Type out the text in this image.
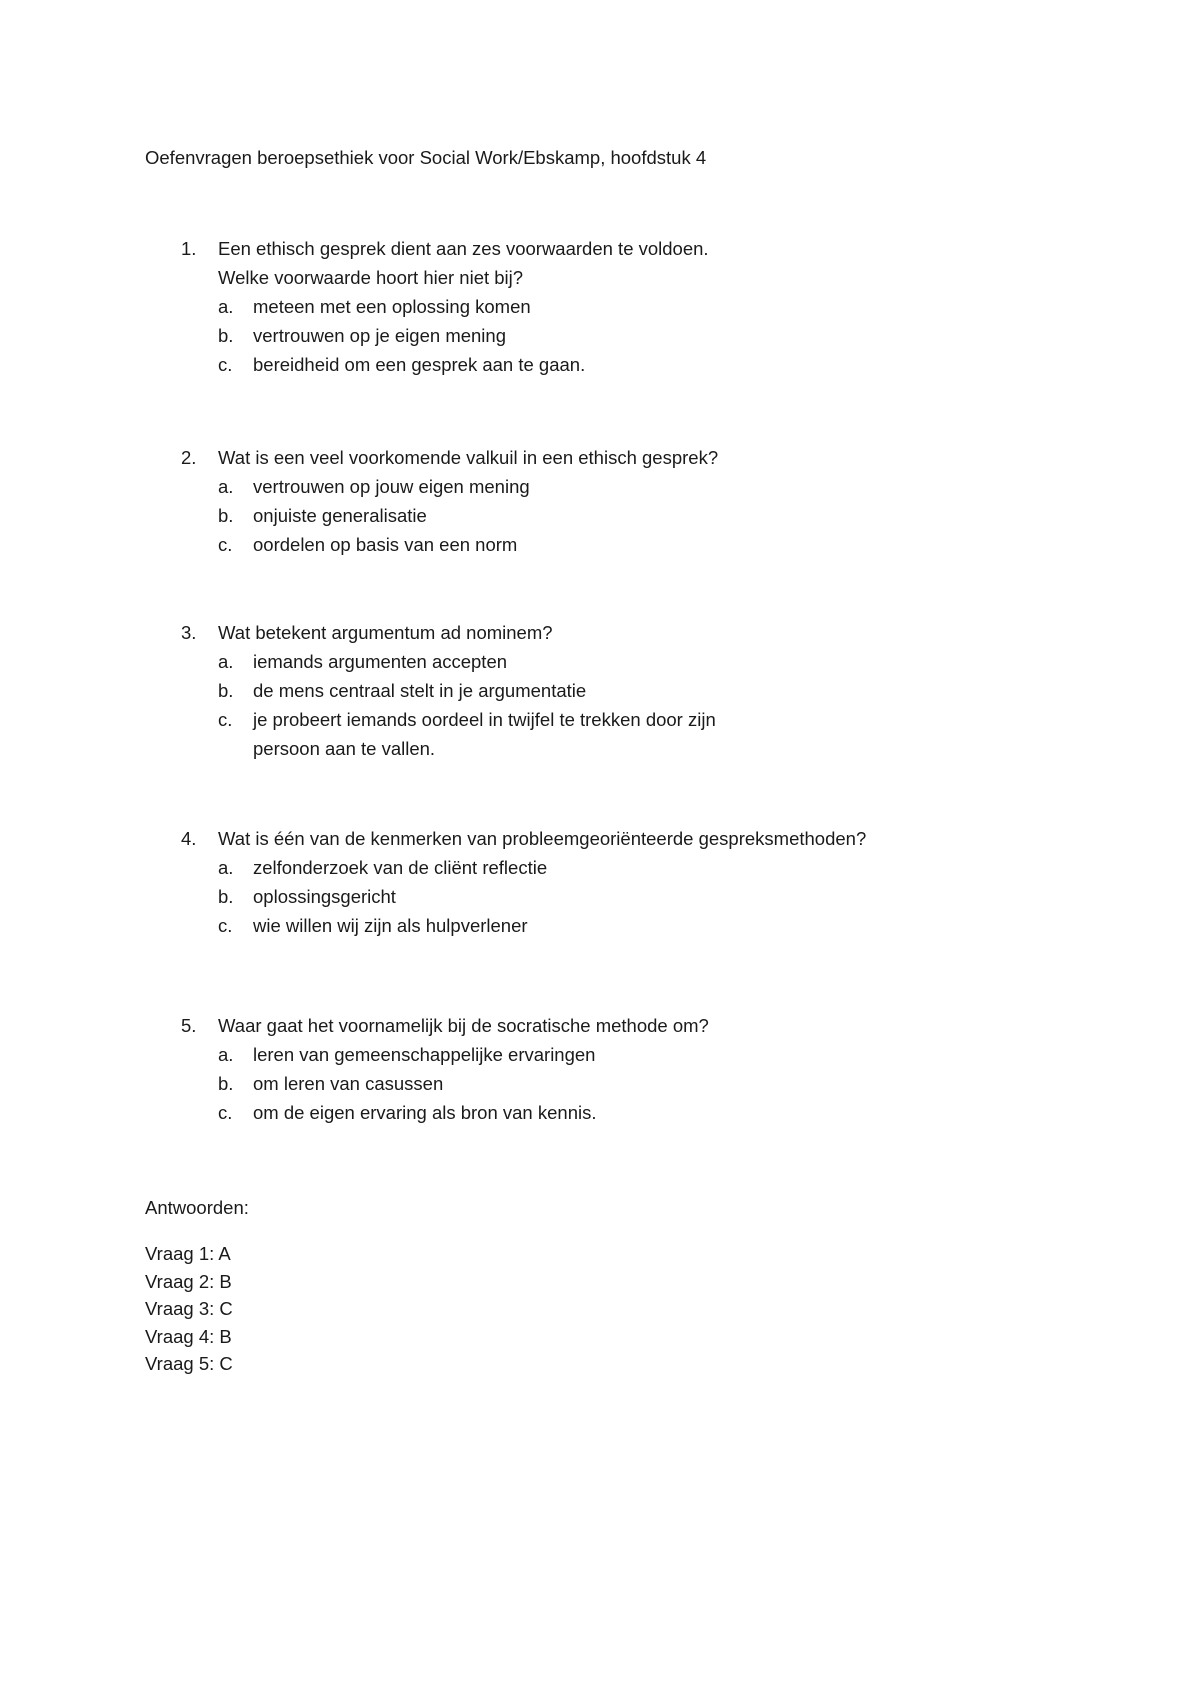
Oefenvragen beroepsethiek voor Social Work/Ebskamp, hoofdstuk 4
1. Een ethisch gesprek dient aan zes voorwaarden te voldoen.
Welke voorwaarde hoort hier niet bij?
a. meteen met een oplossing komen
b. vertrouwen op je eigen mening
c. bereidheid om een gesprek aan te gaan.
2. Wat is een veel voorkomende valkuil in een ethisch gesprek?
a. vertrouwen op jouw eigen mening
b. onjuiste generalisatie
c. oordelen op basis van een norm
3. Wat betekent argumentum ad nominem?
a. iemands argumenten accepten
b. de mens centraal stelt in je argumentatie
c. je probeert iemands oordeel in twijfel te trekken door zijn
persoon aan te vallen.
4. Wat is één van de kenmerken van probleemgeoriënteerde gespreksmethoden?
a. zelfonderzoek van de cliënt reflectie
b. oplossingsgericht
c. wie willen wij zijn als hulpverlener
5. Waar gaat het voornamelijk bij de socratische methode om?
a. leren van gemeenschappelijke ervaringen
b. om leren van casussen
c. om de eigen ervaring als bron van kennis.
Antwoorden:
Vraag 1: A
Vraag 2: B
Vraag 3: C
Vraag 4: B
Vraag 5: C
